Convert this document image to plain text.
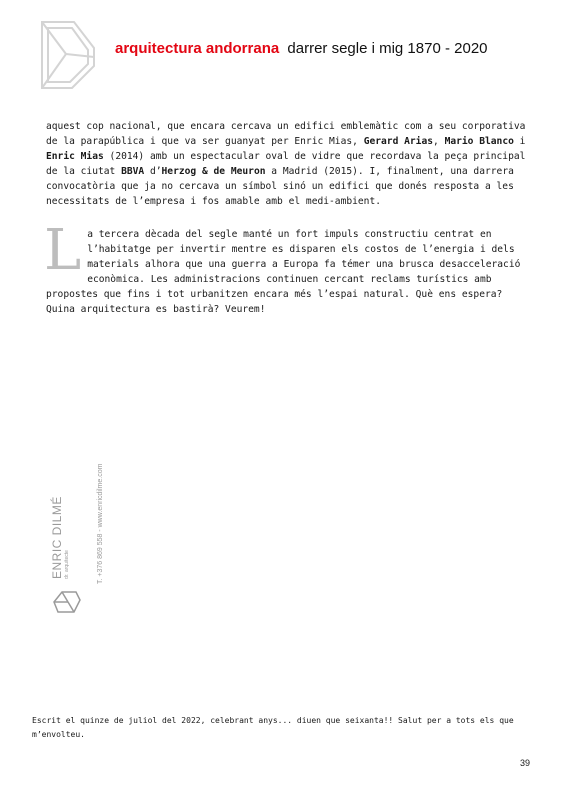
arquitectura andorrana darrer segle i mig 1870 - 2020
aquest cop nacional, que encara cercava un edifici emblemàtic com a seu corporativa de la parapública i que va ser guanyat per Enric Mias, Gerard Arias, Mario Blanco i Enric Mias (2014) amb un espectacular oval de vidre que recordava la peça principal de la ciutat BBVA d’Herzog & de Meuron a Madrid (2015). I, finalment, una darrera convocatòria que ja no cercava un símbol sinó un edifici que donés resposta a les necessitats de l’empresa i fos amable amb el medi-ambient.
La tercera dècada del segle manté un fort impuls constructiu centrat en l’habitatge per invertir mentre es disparen els costos de l’energia i dels materials alhora que una guerra a Europa fa témer una brusca desacceleració econòmica. Les administracions continuen cercant reclams turístics amb propostes que fins i tot urbanitzen encara més l’espai natural. Què ens espera? Quina arquitectura es bastirà? Veurem!
ENRIC DILMÉ dr. arquitecte	T. +376 869 558 - www.enricdilme.com
Escrit el quinze de juliol del 2022, celebrant anys... diuen que seixanta!! Salut per a tots els que m’envolteu.
39
